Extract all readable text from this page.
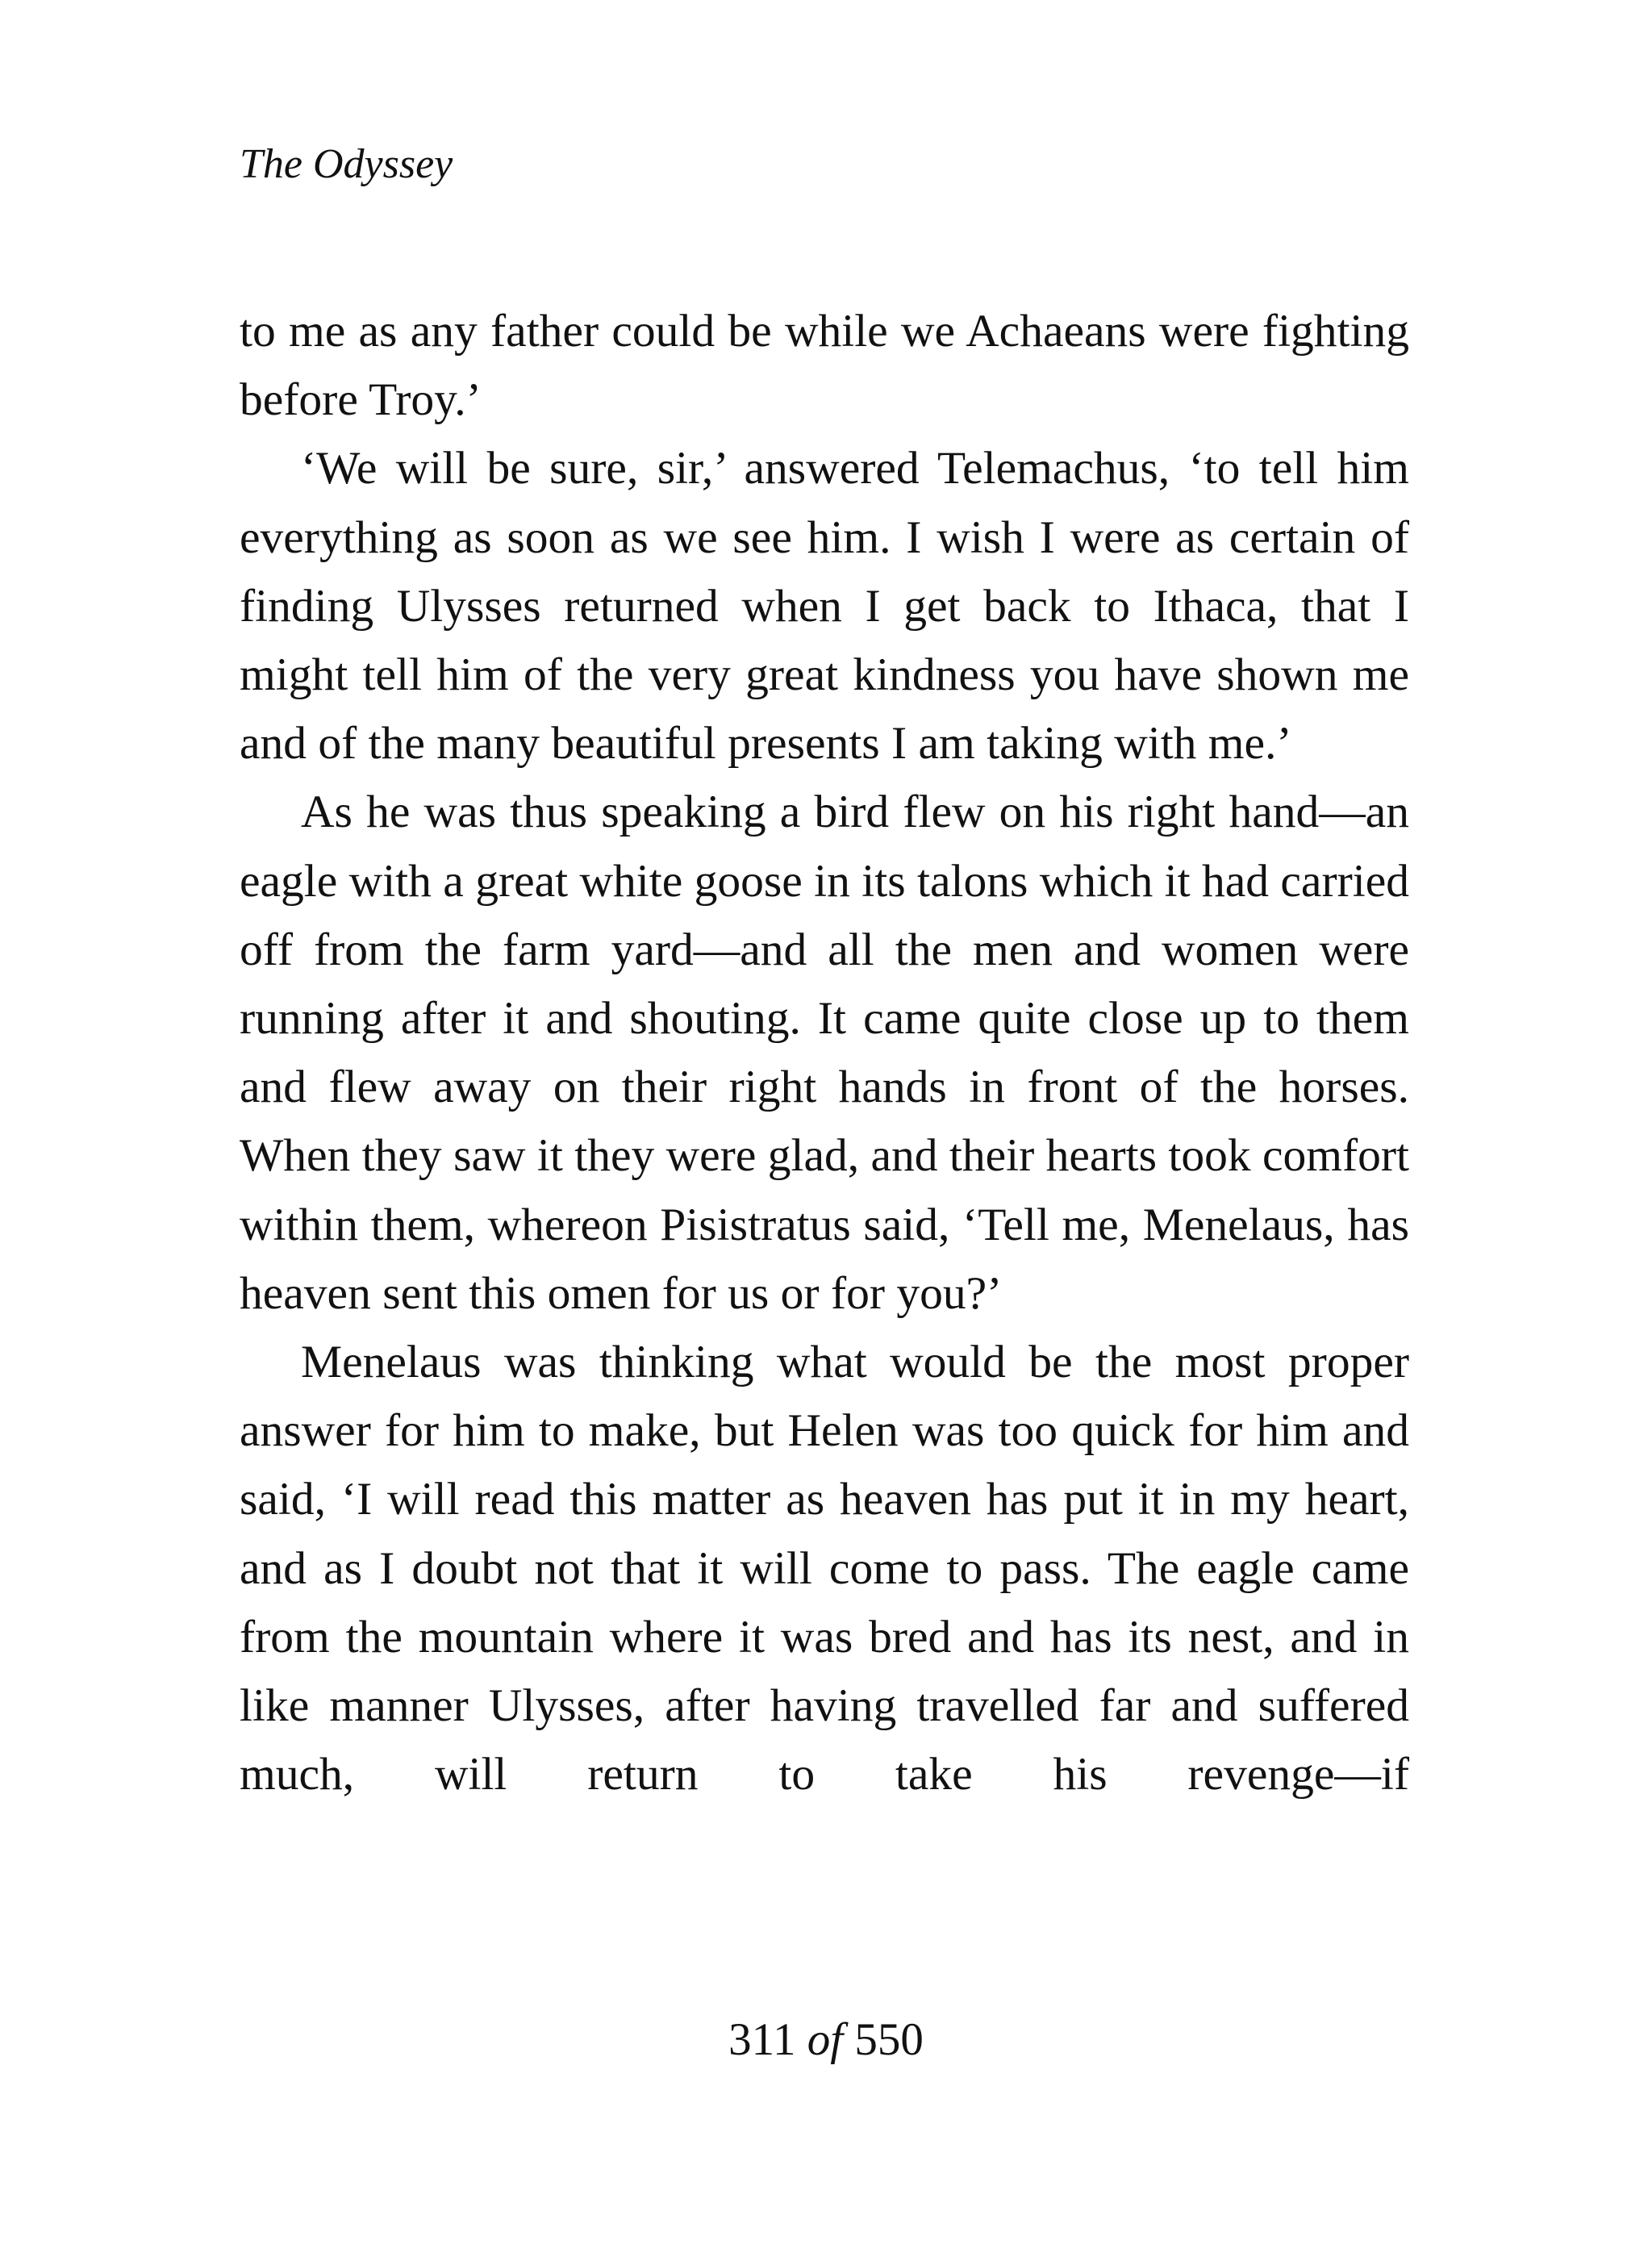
The Odyssey

to me as any father could be while we Achaeans were fighting before Troy.’

‘We will be sure, sir,’ answered Telemachus, ‘to tell him everything as soon as we see him. I wish I were as certain of finding Ulysses returned when I get back to Ithaca, that I might tell him of the very great kindness you have shown me and of the many beautiful presents I am taking with me.’

As he was thus speaking a bird flew on his right hand—an eagle with a great white goose in its talons which it had carried off from the farm yard—and all the men and women were running after it and shouting. It came quite close up to them and flew away on their right hands in front of the horses. When they saw it they were glad, and their hearts took comfort within them, whereon Pisistratus said, ‘Tell me, Menelaus, has heaven sent this omen for us or for you?’

Menelaus was thinking what would be the most proper answer for him to make, but Helen was too quick for him and said, ‘I will read this matter as heaven has put it in my heart, and as I doubt not that it will come to pass. The eagle came from the mountain where it was bred and has its nest, and in like manner Ulysses, after having travelled far and suffered much, will return to take his revenge—if

311 of 550
